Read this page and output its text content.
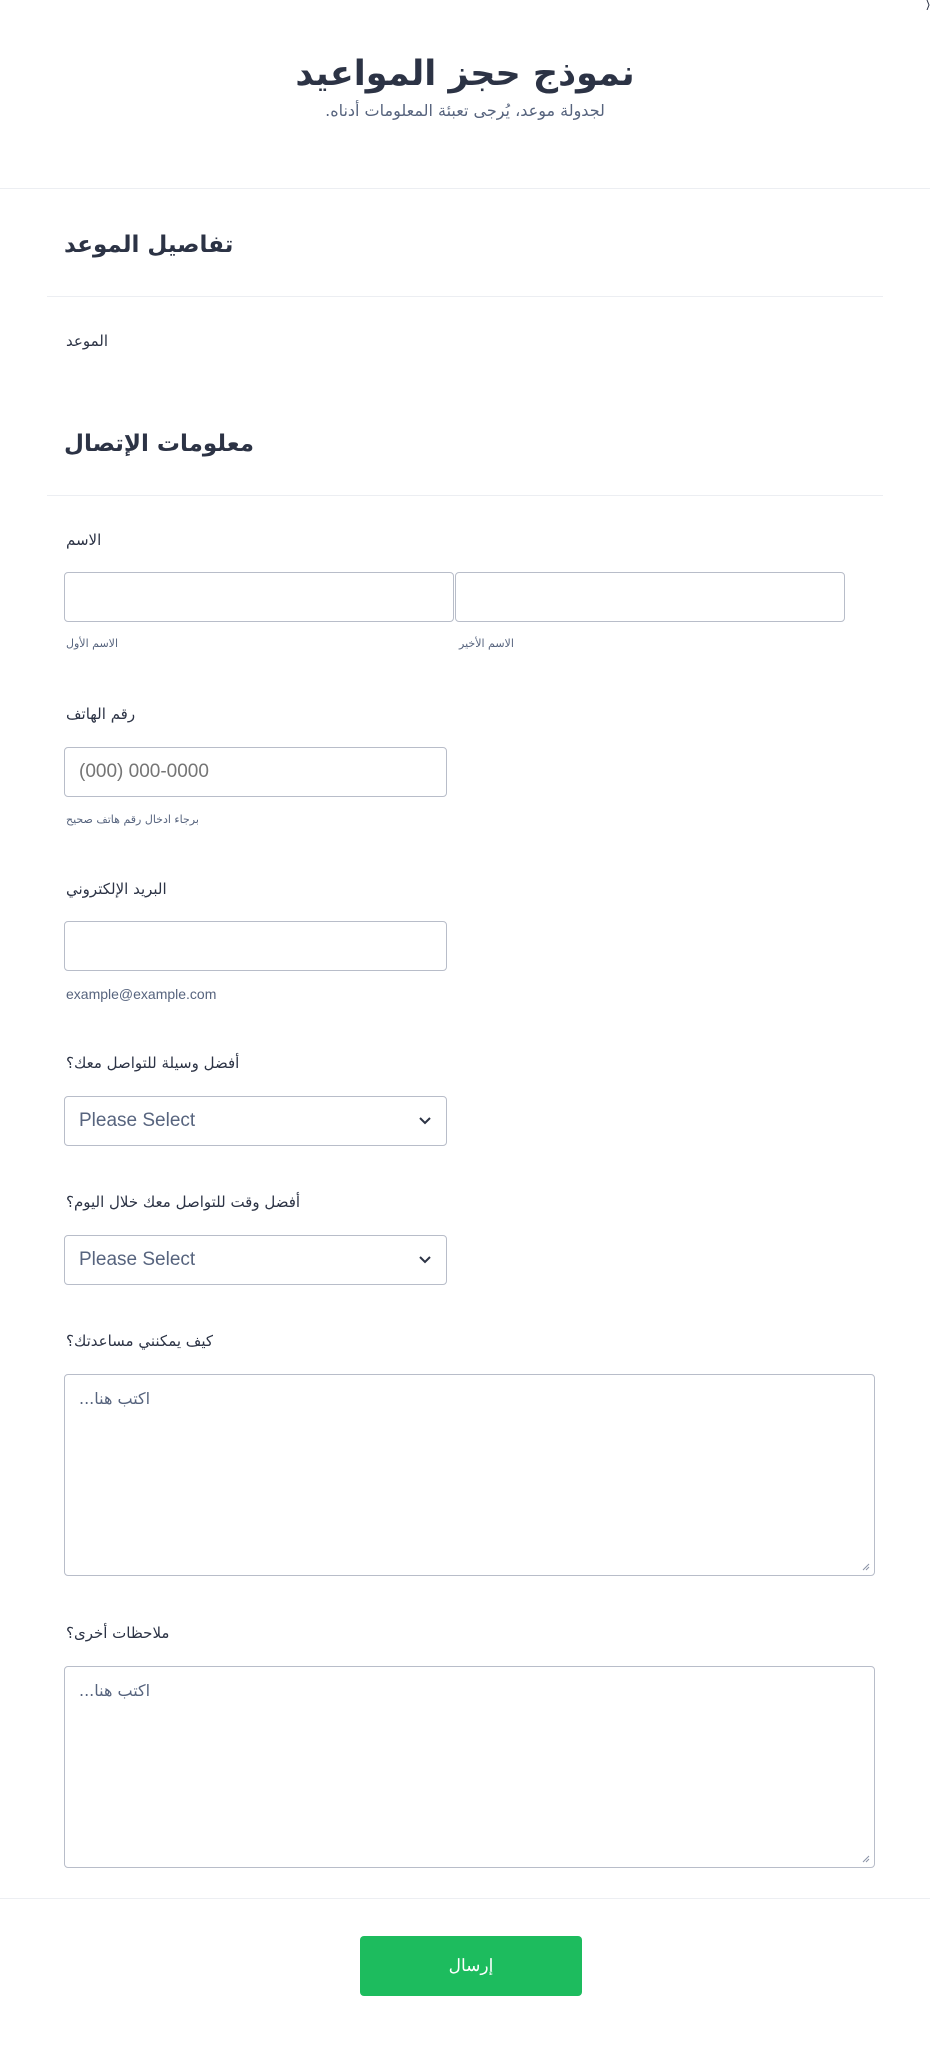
نموذج حجز المواعيد
.لجدولة موعد، يُرجى تعبئة المعلومات أدناه
تفاصيل الموعد
الموعد
معلومات الإتصال
الاسم
الاسم الأول	الاسم الأخير
رقم الهاتف
(000) 000-0000
برجاء ادخال رقم هاتف صحيح
البريد الإلكتروني
example@example.com
أفضل وسيلة للتواصل معك؟
Please Select
أفضل وقت للتواصل معك خلال اليوم؟
Please Select
كيف يمكنني مساعدتك؟
...اكتب هنا
ملاحظات أخرى؟
...اكتب هنا
إرسال
